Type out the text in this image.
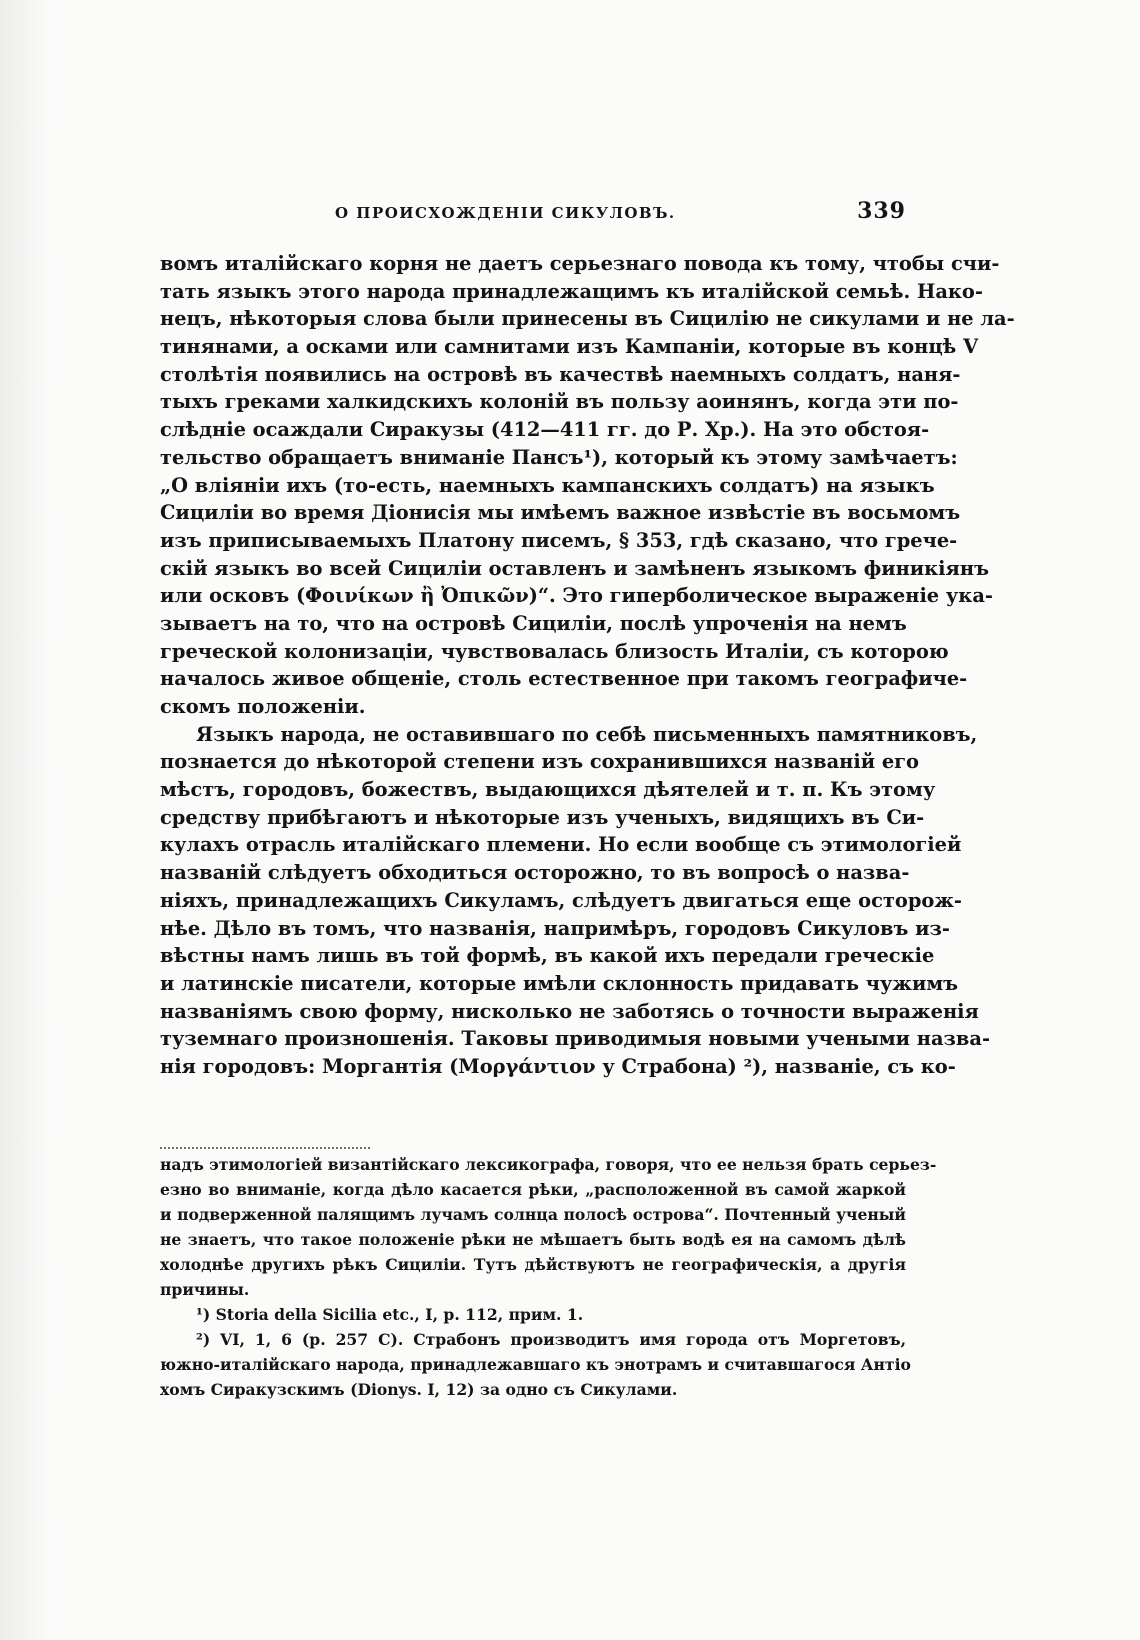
О ПРОИСХОЖДЕНІИ СИКУЛОВЪ.	339
вомъ италійскаго корня не даетъ серьезнаго повода къ тому, чтобы счи-
тать языкъ этого народа принадлежащимъ къ италійской семьѣ. Нако-
нецъ, нѣкоторыя слова были принесены въ Сицилію не сикулами и не ла-
тинянами, а осками или самнитами изъ Кампаніи, которые въ концѣ V
столѣтія появились на островѣ въ качествѣ наемныхъ солдатъ, наня-
тыхъ греками халкидскихъ колоній въ пользу аоинянъ, когда эти по-
слѣдніе осаждали Сиракузы (412—411 гг. до Р. Хр.). На это обстоя-
тельство обращаетъ вниманіе Пансъ¹), который къ этому замѣчаетъ:
„О вліяніи ихъ (то-есть, наемныхъ кампанскихъ солдатъ) на языкъ
Сициліи во время Діонисія мы имѣемъ важное извѣстіе въ восьмомъ
изъ приписываемыхъ Платону писемъ, § 353, гдѣ сказано, что грече-
скій языкъ во всей Сициліи оставленъ и замѣненъ языкомъ финикіянъ
или осковъ (Φοινίκων ἢ Ὀπικῶν)“. Это гиперболическое выраженіе ука-
зываетъ на то, что на островѣ Сициліи, послѣ упроченія на немъ
греческой колонизаціи, чувствовалась близость Италіи, съ которою
началось живое общеніе, столь естественное при такомъ географиче-
скомъ положеніи.
Языкъ народа, не оставившаго по себѣ письменныхъ памятниковъ,
познается до нѣкоторой степени изъ сохранившихся названій его
мѣстъ, городовъ, божествъ, выдающихся дѣятелей и т. п. Къ этому
средству прибѣгаютъ и нѣкоторые изъ ученыхъ, видящихъ въ Си-
кулахъ отрасль италійскаго племени. Но если вообще съ этимологіей
названій слѣдуетъ обходиться осторожно, то въ вопросѣ о назва-
ніяхъ, принадлежащихъ Сикуламъ, слѣдуетъ двигаться еще осторож-
нѣе. Дѣло въ томъ, что названія, напримѣръ, городовъ Сикуловъ из-
вѣстны намъ лишь въ той формѣ, въ какой ихъ передали греческіе
и латинскіе писатели, которые имѣли склонность придавать чужимъ
названіямъ свою форму, нисколько не заботясь о точности выраженія
туземнаго произношенія. Таковы приводимыя новыми учеными назва-
нія городовъ: Моргантія (Μοργάντιον у Страбона) ²), названіе, съ ко-
надъ этимологіей византійскаго лексикографа, говоря, что ее нельзя брать серьез-
езно во вниманіе, когда дѣло касается рѣки, „расположенной въ самой жаркой
и подверженной палящимъ лучамъ солнца полосѣ острова“. Почтенный ученый
не знаетъ, что такое положеніе рѣки не мѣшаетъ быть водѣ ея на самомъ дѣлѣ
холоднѣе другихъ рѣкъ Сициліи. Тутъ дѣйствуютъ не географическія, а другія
причины.
¹) Storia della Sicilia etc., I, p. 112, прим. 1.
²) VI, 1, 6 (p. 257 C). Страбонъ производитъ имя города отъ Моргетовъ,
южно-италійскаго народа, принадлежавшаго къ энотрамъ и считавшагося Антіо
хомъ Сиракузскимъ (Dionys. I, 12) за одно съ Сикулами.
